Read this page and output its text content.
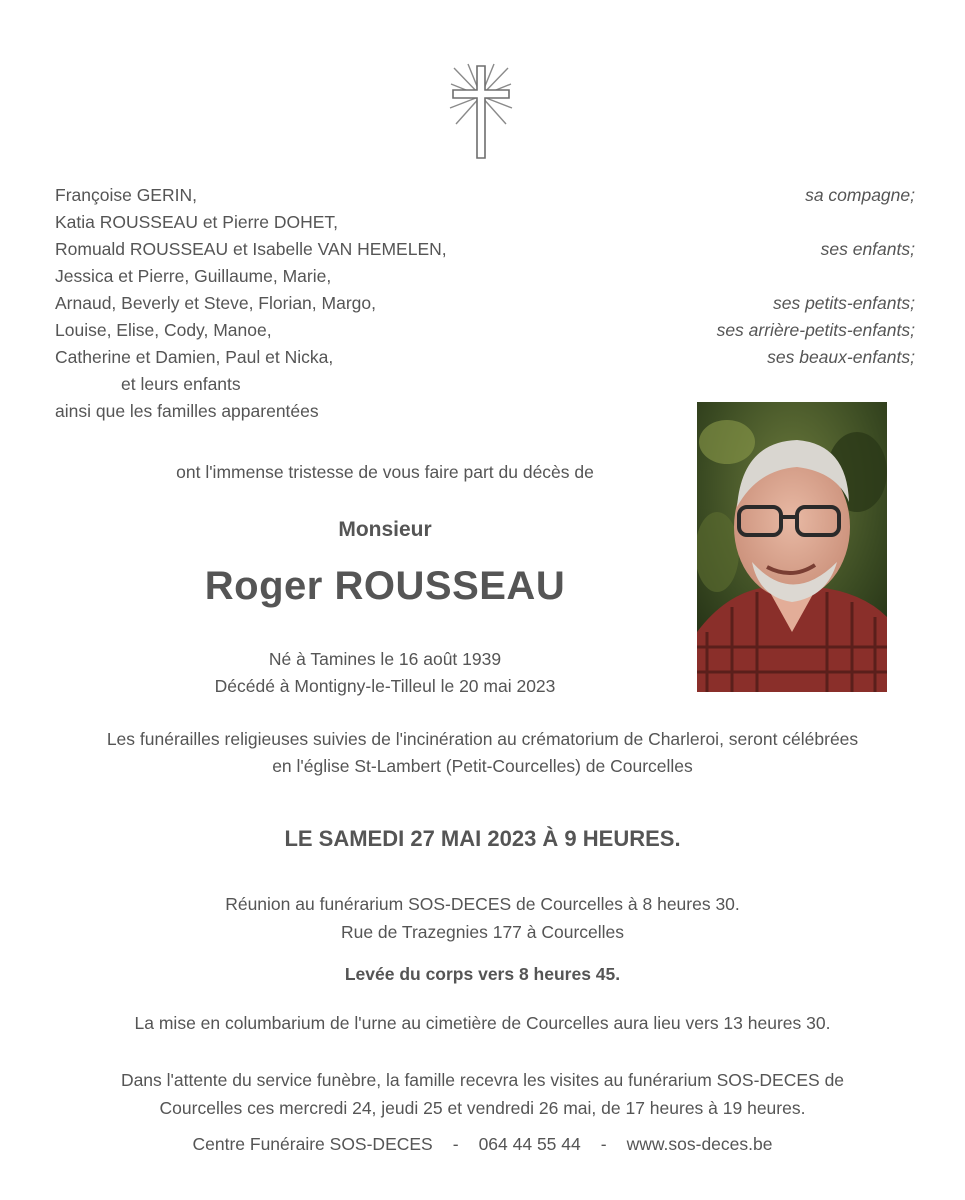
Françoise GERIN,	sa compagne;
Katia ROUSSEAU et Pierre DOHET,
Romuald ROUSSEAU et Isabelle VAN HEMELEN,	ses enfants;
Jessica et Pierre, Guillaume, Marie,
Arnaud, Beverly et Steve, Florian, Margo,	ses petits-enfants;
Louise, Elise, Cody, Manoe,	ses arrière-petits-enfants;
Catherine et Damien, Paul et Nicka,	ses beaux-enfants;
et leurs enfants
ainsi que les familles apparentées
ont l'immense tristesse de vous faire part du décès de
Monsieur
Roger ROUSSEAU
Né à Tamines le 16 août 1939
Décédé à Montigny-le-Tilleul le 20 mai 2023
Les funérailles religieuses suivies de l'incinération au crématorium de Charleroi, seront célébrées
en l'église St-Lambert (Petit-Courcelles) de Courcelles
LE SAMEDI 27 MAI 2023 À 9 HEURES.
Réunion au funérarium SOS-DECES de Courcelles à 8 heures 30.
Rue de Trazegnies 177 à Courcelles
Levée du corps vers 8 heures 45.
La mise en columbarium de l'urne au cimetière de Courcelles aura lieu vers 13 heures 30.
Dans l'attente du service funèbre, la famille recevra les visites au funérarium SOS-DECES de
Courcelles ces mercredi 24, jeudi 25 et vendredi 26 mai, de 17 heures à 19 heures.
Centre Funéraire SOS-DECES - 064 44 55 44 - www.sos-deces.be
